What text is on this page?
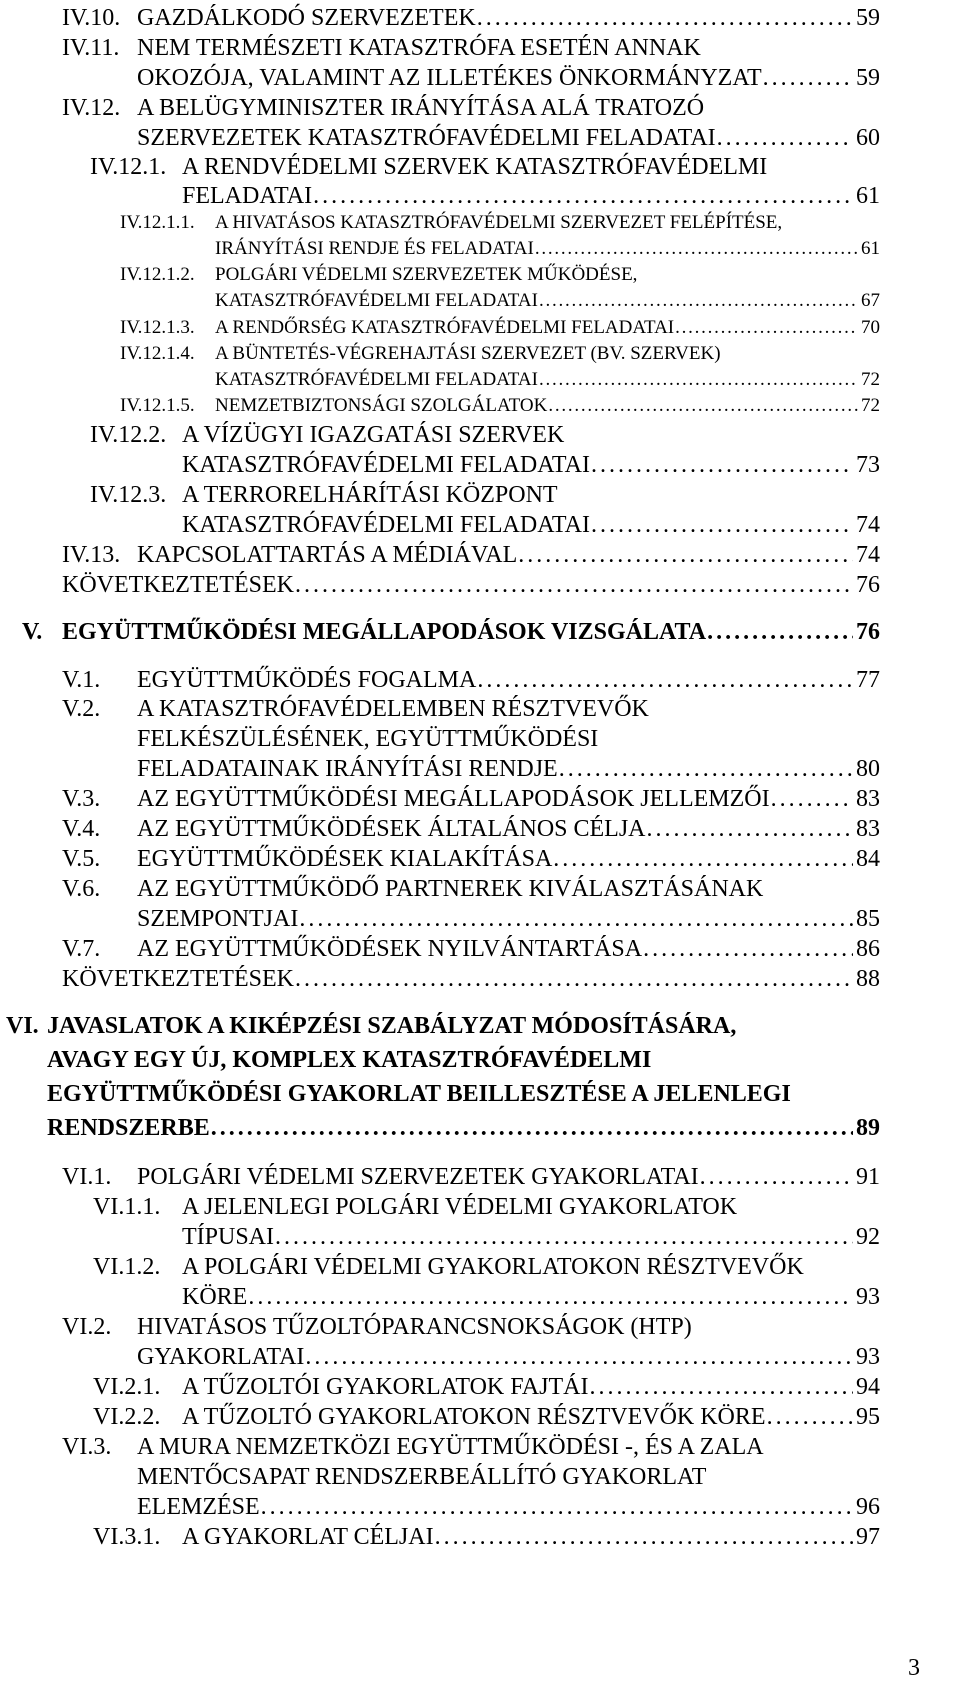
IV.10. GAZDÁLKODÓ SZERVEZETEK . . .	59
IV.11. NEM TERMÉSZETI KATASZTRÓFA ESETÉN ANNAK
OKOZÓJA, VALAMINT AZ ILLETÉKES ÖNKORMÁNYZAT . . .	59
IV.12. A BELÜGYMINISZTER IRÁNYÍTÁSA ALÁ TRATOZÓ
SZERVEZETEK KATASZTRÓFAVÉDELMI FELADATAI . . .	60
IV.12.1. A RENDVÉDELMI SZERVEK KATASZTRÓFAVÉDELMI
FELADATAI . . .	61
IV.12.1.1. A HIVATÁSOS KATASZTRÓFAVÉDELMI SZERVEZET FELÉPÍTÉSE,
IRÁNYÍTÁSI RENDJE ÉS FELADATAI . . .	61
IV.12.1.2. POLGÁRI VÉDELMI SZERVEZETEK MŰKÖDÉSE,
KATASZTRÓFAVÉDELMI FELADATAI . . .	67
IV.12.1.3. A RENDŐRSÉG KATASZTRÓFAVÉDELMI FELADATAI . . .	70
IV.12.1.4. A BÜNTETÉS-VÉGREHAJTÁSI SZERVEZET (BV. SZERVEK)
KATASZTRÓFAVÉDELMI FELADATAI . . .	72
IV.12.1.5. NEMZETBIZTONSÁGI SZOLGÁLATOK . . .	72
IV.12.2. A VÍZÜGYI IGAZGATÁSI SZERVEK
KATASZTRÓFAVÉDELMI FELADATAI . . .	73
IV.12.3. A TERRORELHÁRÍTÁSI KÖZPONT
KATASZTRÓFAVÉDELMI FELADATAI . . .	74
IV.13. KAPCSOLATTARTÁS A MÉDIÁVAL . . .	74
KÖVETKEZTETÉSEK . . .	76
V. EGYÜTTMŰKÖDÉSI MEGÁLLAPODÁSOK VIZSGÁLATA . . .	76
V.1. EGYÜTTMŰKÖDÉS FOGALMA . . .	77
V.2. A KATASZTRÓFAVÉDELEMBEN RÉSZTVEVŐK
FELKÉSZÜLÉSÉNEK, EGYÜTTMŰKÖDÉSI
FELADATAINAK IRÁNYÍTÁSI RENDJE . . .	80
V.3. AZ EGYÜTTMŰKÖDÉSI MEGÁLLAPODÁSOK JELLEMZŐI . . .	83
V.4. AZ EGYÜTTMŰKÖDÉSEK ÁLTALÁNOS CÉLJA . . .	83
V.5. EGYÜTTMŰKÖDÉSEK KIALAKÍTÁSA . . .	84
V.6. AZ EGYÜTTMŰKÖDŐ PARTNEREK KIVÁLASZTÁSÁNAK
SZEMPONTJAI . . .	85
V.7. AZ EGYÜTTMŰKÖDÉSEK NYILVÁNTARTÁSA . . .	86
KÖVETKEZTETÉSEK . . .	88
VI. JAVASLATOK A KIKÉPZÉSI SZABÁLYZAT MÓDOSÍTÁSÁRA,
AVAGY EGY ÚJ, KOMPLEX KATASZTRÓFAVÉDELMI
EGYÜTTMŰKÖDÉSI GYAKORLAT BEILLESZTÉSE A JELENLEGI
RENDSZERBE . . .	89
VI.1. POLGÁRI VÉDELMI SZERVEZETEK GYAKORLATAI . . .	91
VI.1.1. A JELENLEGI POLGÁRI VÉDELMI GYAKORLATOK
TÍPUSAI . . .	92
VI.1.2. A POLGÁRI VÉDELMI GYAKORLATOKON RÉSZTVEVŐK
KÖRE . . .	93
VI.2. HIVATÁSOS TŰZOLTÓPARANCSNOKSÁGOK (HTP)
GYAKORLATAI . . .	93
VI.2.1. A TŰZOLTÓI GYAKORLATOK FAJTÁI . . .	94
VI.2.2. A TŰZOLTÓ GYAKORLATOKON RÉSZTVEVŐK KÖRE . . .	95
VI.3. A MURA NEMZETKÖZI EGYÜTTMŰKÖDÉSI -, ÉS A ZALA
MENTŐCSAPAT RENDSZERBEÁLLÍTÓ GYAKORLAT
ELEMZÉSE . . .	96
VI.3.1. A GYAKORLAT CÉLJAI . . .	97
3
